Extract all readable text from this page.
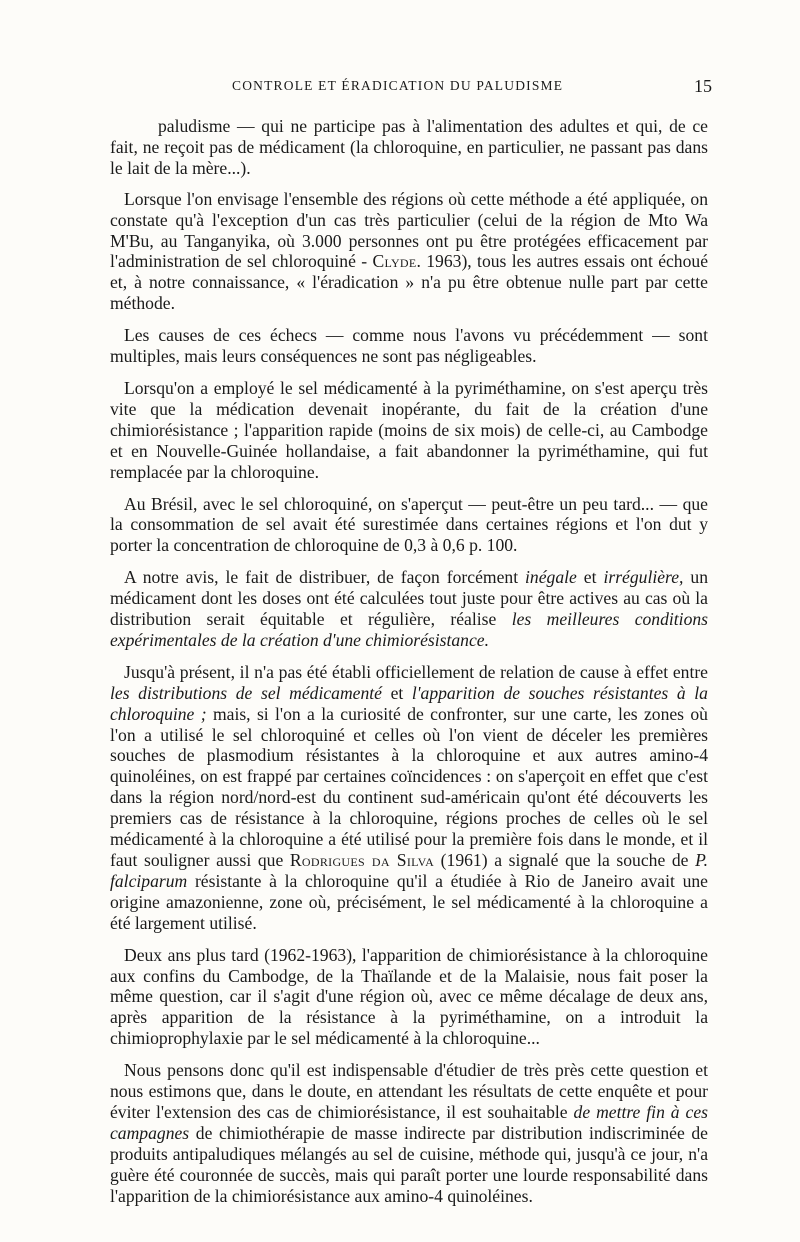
CONTROLE ET ÉRADICATION DU PALUDISME	15

paludisme — qui ne participe pas à l'alimentation des adultes et qui, de ce fait, ne reçoit pas de médicament (la chloroquine, en particulier, ne passant pas dans le lait de la mère...).

Lorsque l'on envisage l'ensemble des régions où cette méthode a été appliquée, on constate qu'à l'exception d'un cas très particulier (celui de la région de Mto Wa M'Bu, au Tanganyika, où 3.000 personnes ont pu être protégées efficacement par l'administration de sel chloroquiné - Clyde. 1963), tous les autres essais ont échoué et, à notre connaissance, « l'éradication » n'a pu être obtenue nulle part par cette méthode.

Les causes de ces échecs — comme nous l'avons vu précédemment — sont multiples, mais leurs conséquences ne sont pas négligeables.

Lorsqu'on a employé le sel médicamenté à la pyriméthamine, on s'est aperçu très vite que la médication devenait inopérante, du fait de la création d'une chimiorésistance ; l'apparition rapide (moins de six mois) de celle-ci, au Cambodge et en Nouvelle-Guinée hollandaise, a fait abandonner la pyriméthamine, qui fut remplacée par la chloroquine.

Au Brésil, avec le sel chloroquiné, on s'aperçut — peut-être un peu tard... — que la consommation de sel avait été surestimée dans certaines régions et l'on dut y porter la concentration de chloroquine de 0,3 à 0,6 p. 100.

A notre avis, le fait de distribuer, de façon forcément inégale et irrégulière, un médicament dont les doses ont été calculées tout juste pour être actives au cas où la distribution serait équitable et régulière, réalise les meilleures conditions expérimentales de la création d'une chimiorésistance.

Jusqu'à présent, il n'a pas été établi officiellement de relation de cause à effet entre les distributions de sel médicamenté et l'apparition de souches résistantes à la chloroquine ; mais, si l'on a la curiosité de confronter, sur une carte, les zones où l'on a utilisé le sel chloroquiné et celles où l'on vient de déceler les premières souches de plasmodium résistantes à la chloroquine et aux autres amino-4 quinoléines, on est frappé par certaines coïncidences : on s'aperçoit en effet que c'est dans la région nord/nord-est du continent sud-américain qu'ont été découverts les premiers cas de résistance à la chloroquine, régions proches de celles où le sel médicamenté à la chloroquine a été utilisé pour la première fois dans le monde, et il faut souligner aussi que Rodrigues da Silva (1961) a signalé que la souche de P. falciparum résistante à la chloroquine qu'il a étudiée à Rio de Janeiro avait une origine amazonienne, zone où, précisément, le sel médicamenté à la chloroquine a été largement utilisé.

Deux ans plus tard (1962-1963), l'apparition de chimiorésistance à la chloroquine aux confins du Cambodge, de la Thaïlande et de la Malaisie, nous fait poser la même question, car il s'agit d'une région où, avec ce même décalage de deux ans, après apparition de la résistance à la pyriméthamine, on a introduit la chimioprophylaxie par le sel médicamenté à la chloroquine...

Nous pensons donc qu'il est indispensable d'étudier de très près cette question et nous estimons que, dans le doute, en attendant les résultats de cette enquête et pour éviter l'extension des cas de chimiorésistance, il est souhaitable de mettre fin à ces campagnes de chimiothérapie de masse indirecte par distribution indiscriminée de produits antipaludiques mélangés au sel de cuisine, méthode qui, jusqu'à ce jour, n'a guère été couronnée de succès, mais qui paraît porter une lourde responsabilité dans l'apparition de la chimiorésistance aux amino-4 quinoléines.
